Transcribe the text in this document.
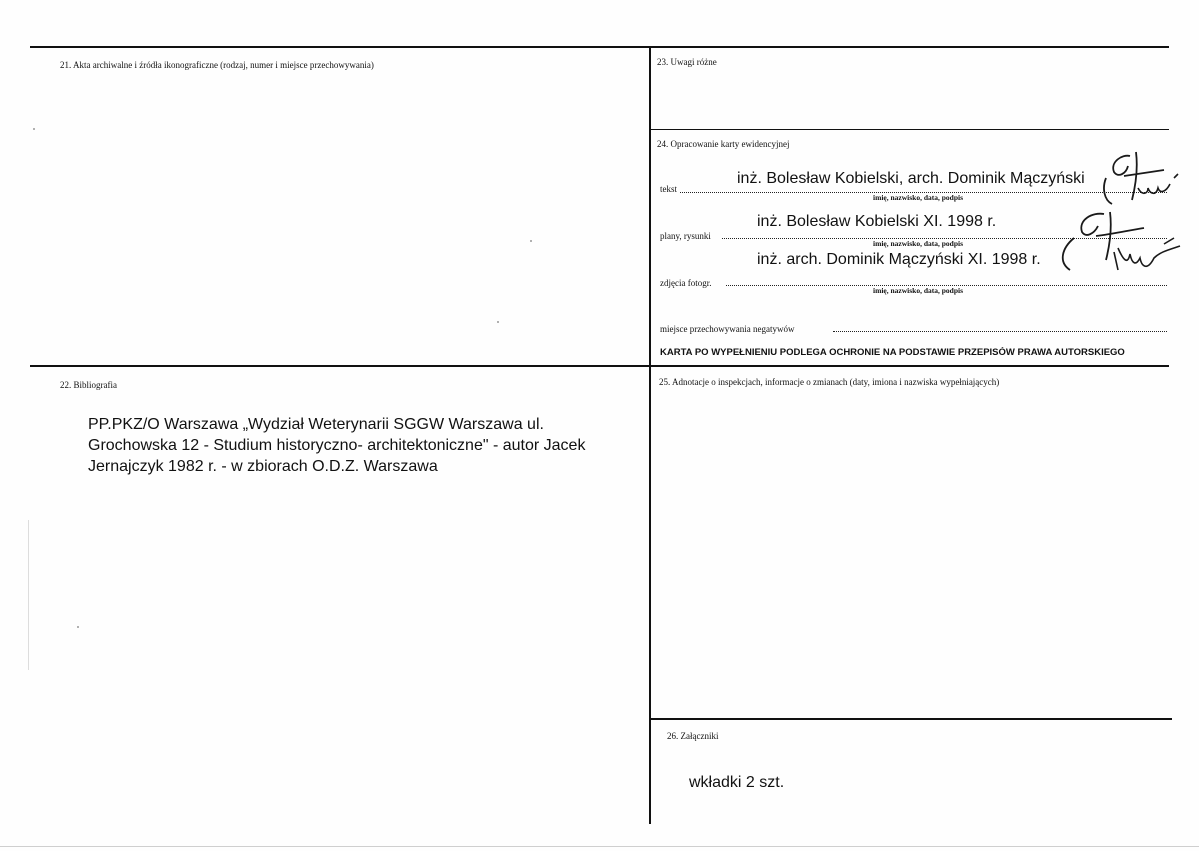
21. Akta archiwalne i źródła ikonograficzne (rodzaj, numer i miejsce przechowywania)	23. Uwagi różne
24. Opracowanie karty ewidencyjnej
tekst
inż. Bolesław Kobielski, arch. Dominik Mączyński
imię, nazwisko, data, podpis
plany, rysunki
inż. Bolesław Kobielski XI. 1998 r.
imię, nazwisko, data, podpis
zdjęcia fotogr.
inż. arch. Dominik Mączyński XI. 1998 r.
imię, nazwisko, data, podpis
miejsce przechowywania negatywów
KARTA PO WYPEŁNIENIU PODLEGA OCHRONIE NA PODSTAWIE PRZEPISÓW PRAWA AUTORSKIEGO
22. Bibliografia
PP.PKZ/O Warszawa „Wydział Weterynarii SGGW Warszawa ul. Grochowska 12 - Studium historyczno- architektoniczne" - autor Jacek Jernajczyk 1982 r. - w zbiorach O.D.Z. Warszawa
25. Adnotacje o inspekcjach, informacje o zmianach (daty, imiona i nazwiska wypełniających)
26. Załączniki
wkładki 2 szt.
